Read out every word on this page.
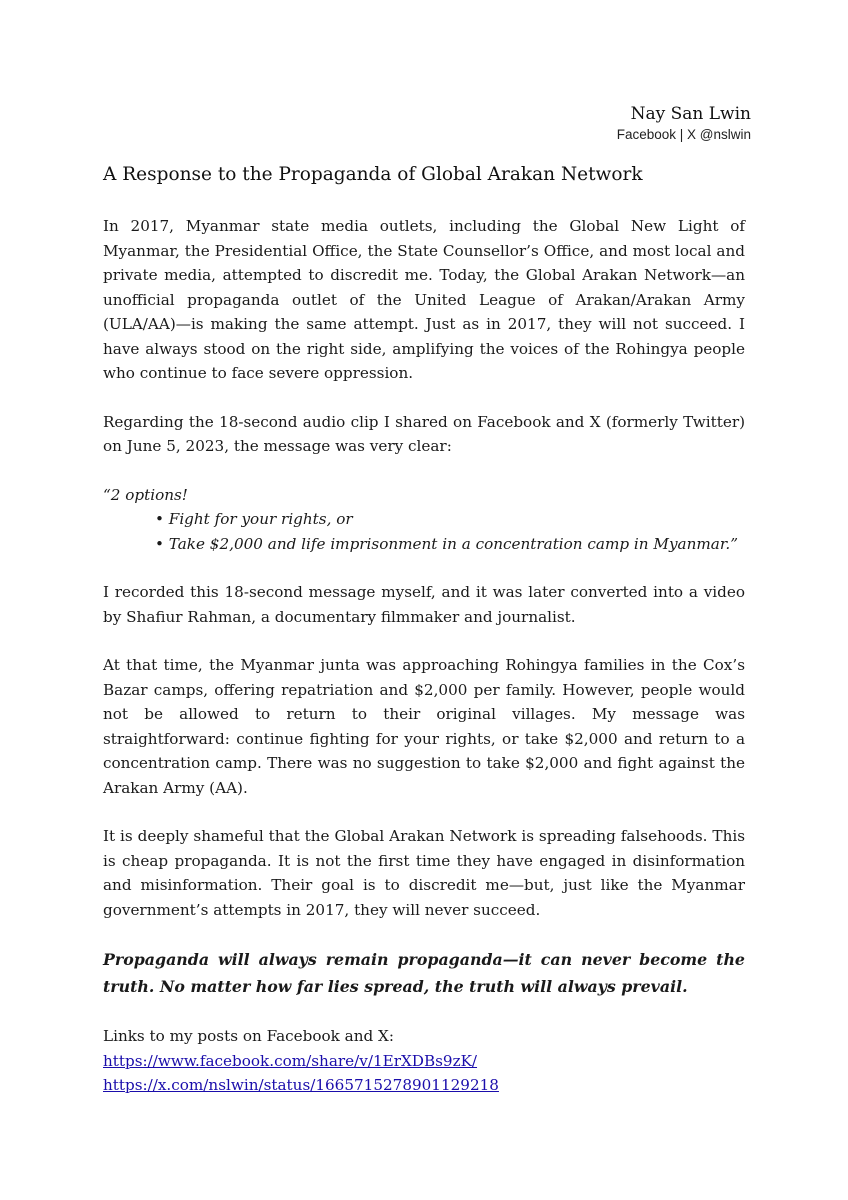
Nay San Lwin
Facebook | X @nslwin
A Response to the Propaganda of Global Arakan Network

In 2017, Myanmar state media outlets, including the Global New Light of Myanmar, the Presidential Office, the State Counsellor’s Office, and most local and private media, attempted to discredit me. Today, the Global Arakan Network—an unofficial propaganda outlet of the United League of Arakan/Arakan Army (ULA/AA)—is making the same attempt. Just as in 2017, they will not succeed. I have always stood on the right side, amplifying the voices of the Rohingya people who continue to face severe oppression.

Regarding the 18-second audio clip I shared on Facebook and X (formerly Twitter) on June 5, 2023, the message was very clear:

“2 options!
• Fight for your rights, or
• Take $2,000 and life imprisonment in a concentration camp in Myanmar.”

I recorded this 18-second message myself, and it was later converted into a video by Shafiur Rahman, a documentary filmmaker and journalist.

At that time, the Myanmar junta was approaching Rohingya families in the Cox’s Bazar camps, offering repatriation and $2,000 per family. However, people would not be allowed to return to their original villages. My message was straightforward: continue fighting for your rights, or take $2,000 and return to a concentration camp. There was no suggestion to take $2,000 and fight against the Arakan Army (AA).

It is deeply shameful that the Global Arakan Network is spreading falsehoods. This is cheap propaganda. It is not the first time they have engaged in disinformation and misinformation. Their goal is to discredit me—but, just like the Myanmar government’s attempts in 2017, they will never succeed.

Propaganda will always remain propaganda—it can never become the truth. No matter how far lies spread, the truth will always prevail.

Links to my posts on Facebook and X:
https://www.facebook.com/share/v/1ErXDBs9zK/
https://x.com/nslwin/status/1665715278901129218
